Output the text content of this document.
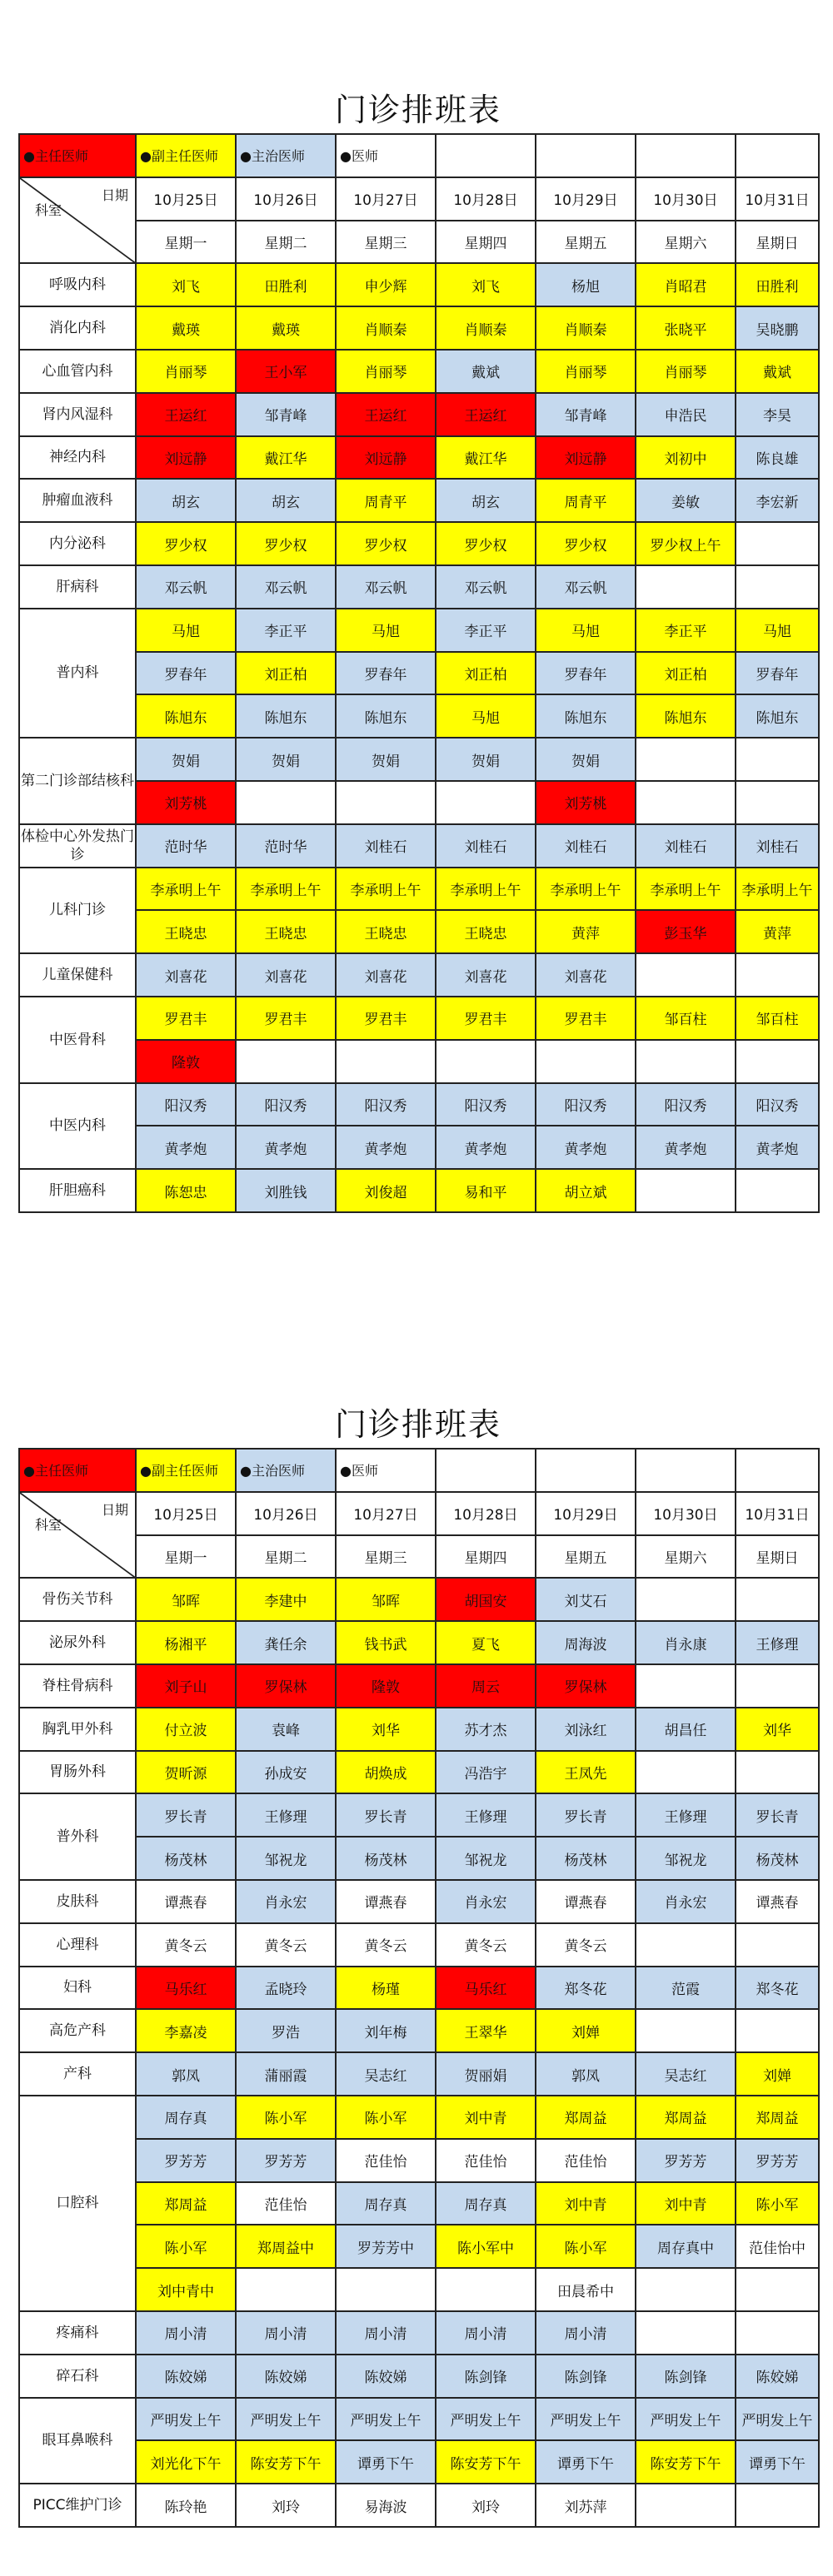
门诊排班表
●主任医师	●副主任医师	●主治医师	●医师				

科室
日期	10月25日	10月26日	10月27日	10月28日	10月29日	10月30日	10月31日
	星期一	星期二	星期三	星期四	星期五	星期六	星期日
呼吸内科	刘飞	田胜利	申少辉	刘飞	杨旭	肖昭君	田胜利
消化内科	戴瑛	戴瑛	肖顺秦	肖顺秦	肖顺秦	张晓平	吴晓鹏
心血管内科	肖丽琴	王小军	肖丽琴	戴斌	肖丽琴	肖丽琴	戴斌
肾内风湿科	王运红	邹青峰	王运红	王运红	邹青峰	申浩民	李昊
神经内科	刘远静	戴江华	刘远静	戴江华	刘远静	刘初中	陈良雄
肿瘤血液科	胡玄	胡玄	周青平	胡玄	周青平	姜敏	李宏新
内分泌科	罗少权	罗少权	罗少权	罗少权	罗少权	罗少权上午	
肝病科	邓云帆	邓云帆	邓云帆	邓云帆	邓云帆		
普内科	马旭	李正平	马旭	李正平	马旭	李正平	马旭
	罗春年	刘正柏	罗春年	刘正柏	罗春年	刘正柏	罗春年
	陈旭东	陈旭东	陈旭东	马旭	陈旭东	陈旭东	陈旭东
第二门诊部结核科	贺娟	贺娟	贺娟	贺娟	贺娟		
	刘芳桃				刘芳桃		
体检中心外发热门诊	范时华	范时华	刘桂石	刘桂石	刘桂石	刘桂石	刘桂石
儿科门诊	李承明上午	李承明上午	李承明上午	李承明上午	李承明上午	李承明上午	李承明上午
	王晓忠	王晓忠	王晓忠	王晓忠	黄萍	彭玉华	黄萍
儿童保健科	刘喜花	刘喜花	刘喜花	刘喜花	刘喜花		
中医骨科	罗君丰	罗君丰	罗君丰	罗君丰	罗君丰	邹百柱	邹百柱
	隆敦						
中医内科	阳汉秀	阳汉秀	阳汉秀	阳汉秀	阳汉秀	阳汉秀	阳汉秀
	黄孝炮	黄孝炮	黄孝炮	黄孝炮	黄孝炮	黄孝炮	黄孝炮
肝胆癌科	陈恕忠	刘胜钱	刘俊超	易和平	胡立斌		
门诊排班表
●主任医师	●副主任医师	●主治医师	●医师				

科室
日期	10月25日	10月26日	10月27日	10月28日	10月29日	10月30日	10月31日
	星期一	星期二	星期三	星期四	星期五	星期六	星期日
骨伤关节科	邹晖	李建中	邹晖	胡国安	刘艾石		
泌尿外科	杨湘平	龚任余	钱书武	夏飞	周海波	肖永康	王修理
脊柱骨病科	刘子山	罗保林	隆敦	周云	罗保林		
胸乳甲外科	付立波	袁峰	刘华	苏才杰	刘泳红	胡昌任	刘华
胃肠外科	贺昕源	孙成安	胡焕成	冯浩宇	王凤先		
普外科	罗长青	王修理	罗长青	王修理	罗长青	王修理	罗长青
	杨茂林	邹祝龙	杨茂林	邹祝龙	杨茂林	邹祝龙	杨茂林
皮肤科	谭燕春	肖永宏	谭燕春	肖永宏	谭燕春	肖永宏	谭燕春
心理科	黄冬云	黄冬云	黄冬云	黄冬云	黄冬云		
妇科	马乐红	孟晓玲	杨瑾	马乐红	郑冬花	范霞	郑冬花
高危产科	李嘉凌	罗浩	刘年梅	王翠华	刘婵		
产科	郭凤	蒲丽霞	吴志红	贺丽娟	郭凤	吴志红	刘婵
口腔科	周存真	陈小军	陈小军	刘中青	郑周益	郑周益	郑周益
	罗芳芳	罗芳芳	范佳怡	范佳怡	范佳怡	罗芳芳	罗芳芳
	郑周益	范佳怡	周存真	周存真	刘中青	刘中青	陈小军
	陈小军	郑周益中	罗芳芳中	陈小军中	陈小军	周存真中	范佳怡中
	刘中青中				田晨希中		
疼痛科	周小清	周小清	周小清	周小清	周小清		
碎石科	陈姣娣	陈姣娣	陈姣娣	陈剑锋	陈剑锋	陈剑锋	陈姣娣
眼耳鼻喉科	严明发上午	严明发上午	严明发上午	严明发上午	严明发上午	严明发上午	严明发上午
	刘光化下午	陈安芳下午	谭勇下午	陈安芳下午	谭勇下午	陈安芳下午	谭勇下午
PICC维护门诊	陈玲艳	刘玲	易海波	刘玲	刘苏萍		
